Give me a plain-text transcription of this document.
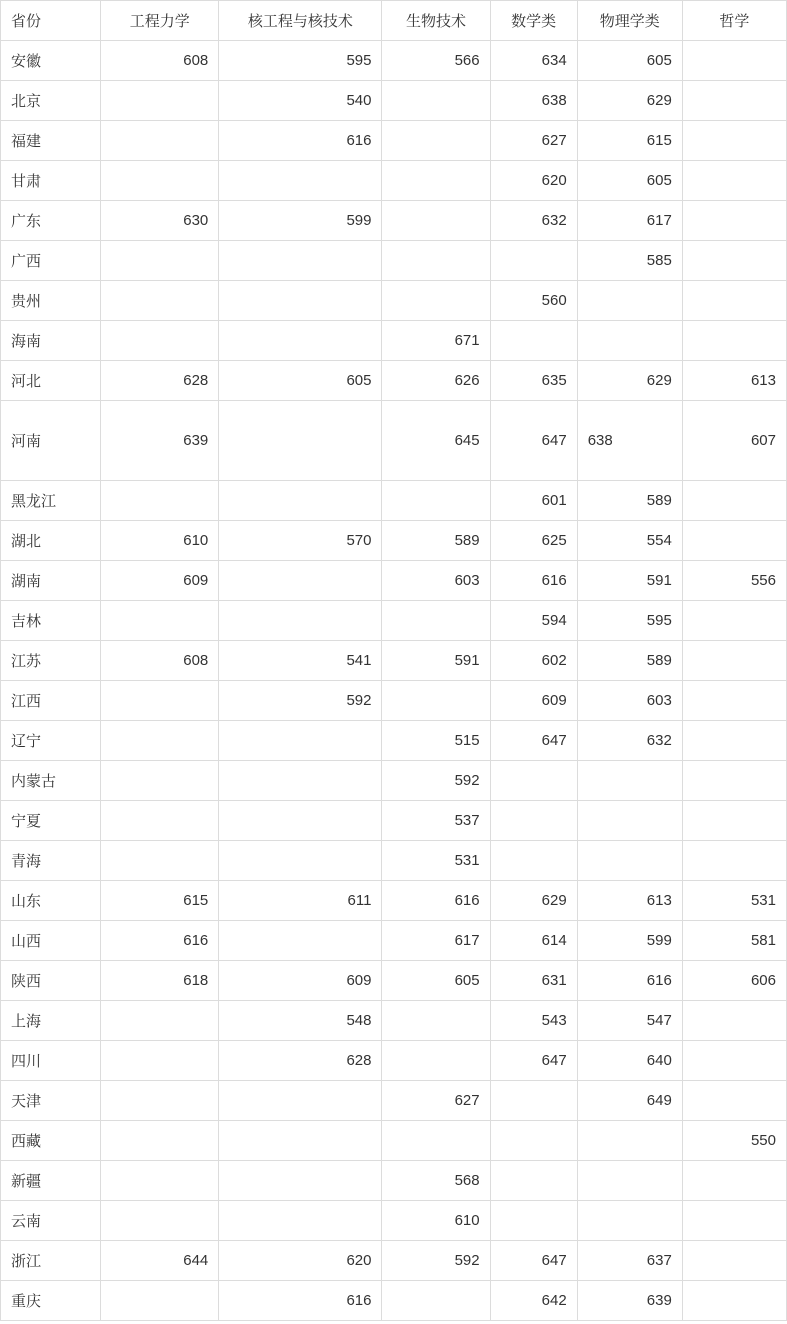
省份	工程力学	核工程与核技术	生物技术	数学类	物理学类	哲学
安徽	608	595	566	634	605	
北京		540		638	629	
福建		616		627	615	
甘肃				620	605	
广东	630	599		632	617	
广西					585	
贵州				560		
海南			671			
河北	628	605	626	635	629	613
河南	639		645	647	638	607
黑龙江				601	589	
湖北	610	570	589	625	554	
湖南	609		603	616	591	556
吉林				594	595	
江苏	608	541	591	602	589	
江西		592		609	603	
辽宁			515	647	632	
内蒙古			592			
宁夏			537			
青海			531			
山东	615	611	616	629	613	531
山西	616		617	614	599	581
陕西	618	609	605	631	616	606
上海		548		543	547	
四川		628		647	640	
天津			627		649	
西藏						550
新疆			568			
云南			610			
浙江	644	620	592	647	637	
重庆		616		642	639	
